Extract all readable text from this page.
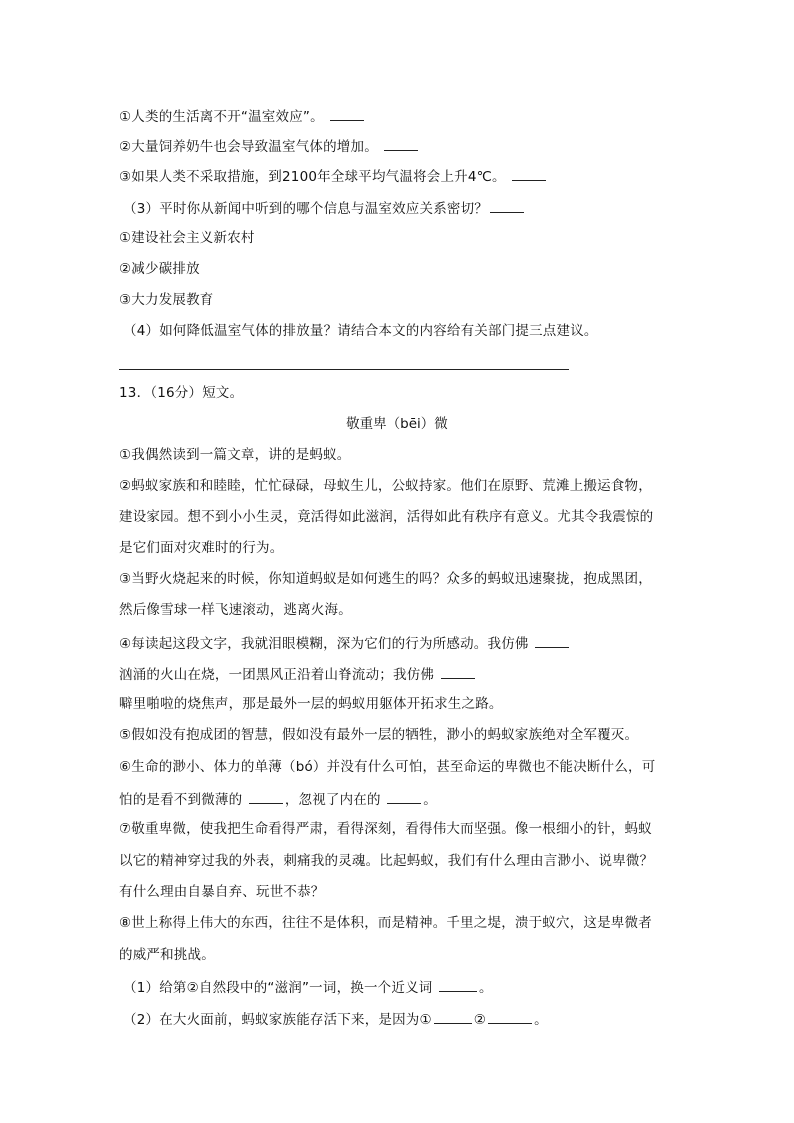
①人类的生活离不开“温室效应”。
②大量饲养奶牛也会导致温室气体的增加。
③如果人类不采取措施，到2100年全球平均气温将会上升4℃。
（3）平时你从新闻中听到的哪个信息与温室效应关系密切？
①建设社会主义新农村
②减少碳排放
③大力发展教育
（4）如何降低温室气体的排放量？请结合本文的内容给有关部门提三点建议。
13．（16分）短文。
敬重卑（bēi）微
①我偶然读到一篇文章，讲的是蚂蚁。
②蚂蚁家族和和睦睦，忙忙碌碌，母蚁生儿，公蚁持家。他们在原野、荒滩上搬运食物，
建设家园。想不到小小生灵，竟活得如此滋润，活得如此有秩序有意义。尤其令我震惊的
是它们面对灾难时的行为。
③当野火烧起来的时候，你知道蚂蚁是如何逃生的吗？众多的蚂蚁迅速聚拢，抱成黑团，
然后像雪球一样飞速滚动，逃离火海。
④每读起这段文字，我就泪眼模糊，深为它们的行为所感动。我仿佛
汹涌的火山在烧，一团黑风正沿着山脊流动；我仿佛
噼里啪啦的烧焦声，那是最外一层的蚂蚁用躯体开拓求生之路。
⑤假如没有抱成团的智慧，假如没有最外一层的牺牲，渺小的蚂蚁家族绝对全军覆灭。
⑥生命的渺小、体力的单薄（bó）并没有什么可怕，甚至命运的卑微也不能决断什么，可
怕的是看不到微薄的	，忽视了内在的	。
⑦敬重卑微，使我把生命看得严肃，看得深刻，看得伟大而坚强。像一根细小的针，蚂蚁
以它的精神穿过我的外表，刺痛我的灵魂。比起蚂蚁，我们有什么理由言渺小、说卑微？
有什么理由自暴自弃、玩世不恭？
⑧世上称得上伟大的东西，往往不是体积，而是精神。千里之堤，溃于蚁穴，这是卑微者
的威严和挑战。
（1）给第②自然段中的“滋润”一词，换一个近义词	。
（2）在大火面前，蚂蚁家族能存活下来，是因为①	②	。
